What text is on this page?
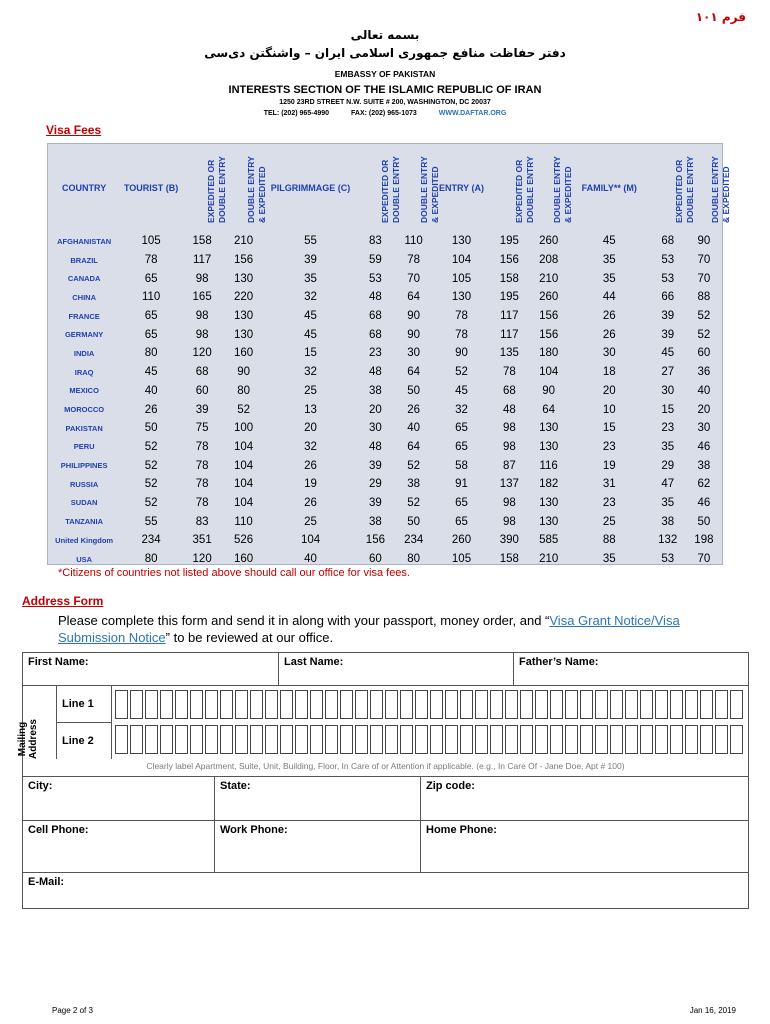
فرم ۱۰۱
بسمه تعالی
دفتر حفاظت منافع جمهوری اسلامی ایران – واشنگتن دی‌سی
EMBASSY OF PAKISTAN
INTERESTS SECTION OF THE ISLAMIC REPUBLIC OF IRAN
1250 23RD STREET N.W. SUITE # 200, WASHINGTON, DC 20037
TEL: (202) 965-4990	FAX: (202) 965-1073	WWW.DAFTAR.ORG
Visa Fees
COUNTRY	TOURIST (B)	EXPEDITED OR DOUBLE ENTRY	DOUBLE ENTRY & EXPEDITED	PILGRIMMAGE (C)	EXPEDITED OR DOUBLE ENTRY	DOUBLE ENTRY & EXPEDITED	ENTRY (A)	EXPEDITED OR DOUBLE ENTRY	DOUBLE ENTRY & EXPEDITED	FAMILY** (M)	EXPEDITED OR DOUBLE ENTRY	DOUBLE ENTRY & EXPEDITED
AFGHANISTAN	105	158	210	55	83	110	130	195	260	45	68	90
BRAZIL	78	117	156	39	59	78	104	156	208	35	53	70
CANADA	65	98	130	35	53	70	105	158	210	35	53	70
CHINA	110	165	220	32	48	64	130	195	260	44	66	88
FRANCE	65	98	130	45	68	90	78	117	156	26	39	52
GERMANY	65	98	130	45	68	90	78	117	156	26	39	52
INDIA	80	120	160	15	23	30	90	135	180	30	45	60
IRAQ	45	68	90	32	48	64	52	78	104	18	27	36
MEXICO	40	60	80	25	38	50	45	68	90	20	30	40
MOROCCO	26	39	52	13	20	26	32	48	64	10	15	20
PAKISTAN	50	75	100	20	30	40	65	98	130	15	23	30
PERU	52	78	104	32	48	64	65	98	130	23	35	46
PHILIPPINES	52	78	104	26	39	52	58	87	116	19	29	38
RUSSIA	52	78	104	19	29	38	91	137	182	31	47	62
SUDAN	52	78	104	26	39	52	65	98	130	23	35	46
TANZANIA	55	83	110	25	38	50	65	98	130	25	38	50
United Kingdom	234	351	526	104	156	234	260	390	585	88	132	198
USA	80	120	160	40	60	80	105	158	210	35	53	70
*Citizens of countries not listed above should call our office for visa fees.
Address Form
Please complete this form and send it in along with your passport, money order, and “Visa Grant Notice/Visa Submission Notice” to be reviewed at our office.
First Name:	Last Name:	Father’s Name:
Mailing Address
Line 1
Line 2
Clearly label Apartment, Suite, Unit, Building, Floor, In Care of or Attention if applicable. (e.g., In Care Of - Jane Doe, Apt # 100)
City:	State:	Zip code:
Cell Phone:	Work Phone:	Home Phone:
E-Mail:
Page 2 of 3	Jan 16, 2019
